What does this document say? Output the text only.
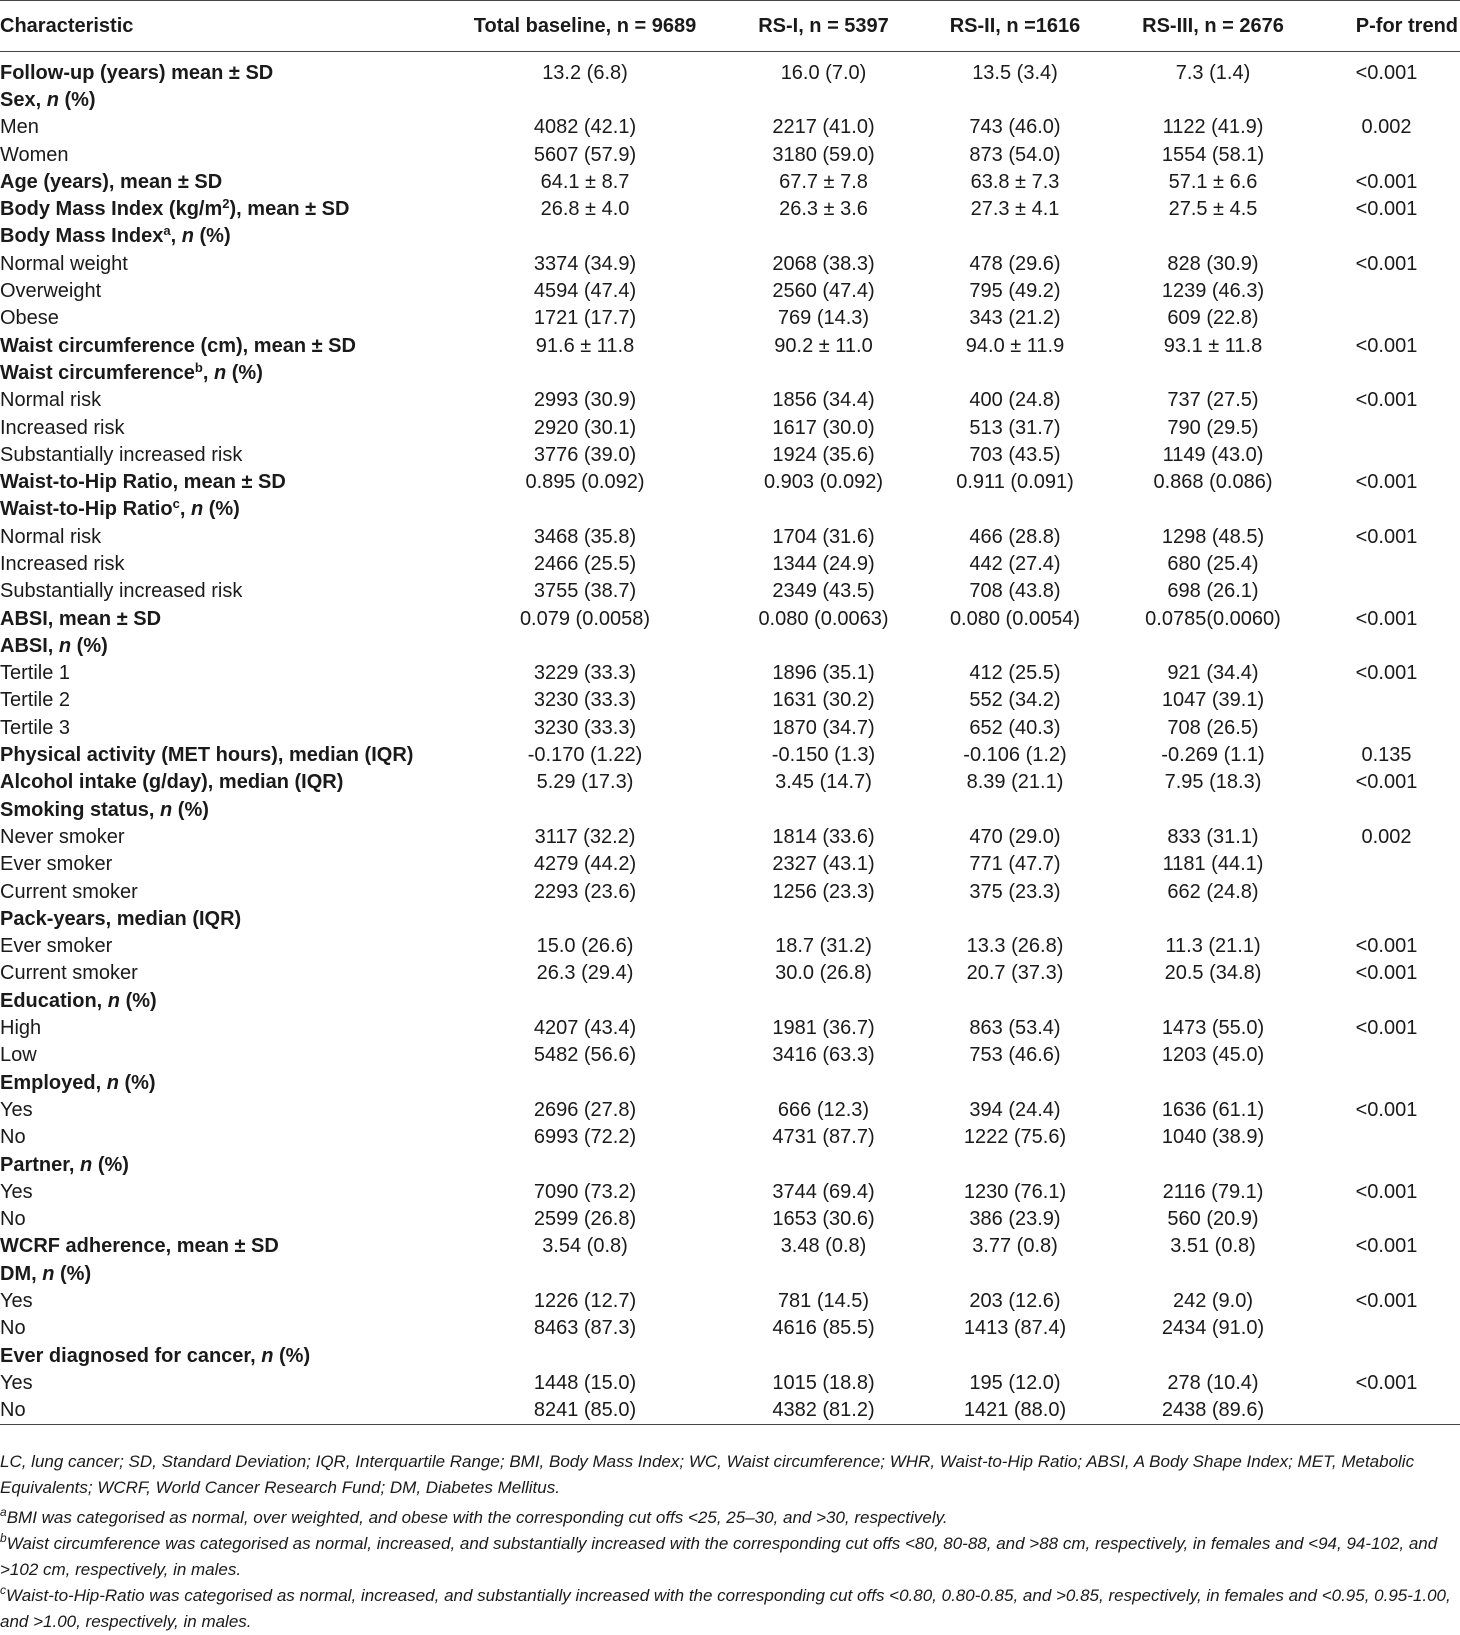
Characteristic	Total baseline, n = 9689	RS-I, n = 5397	RS-II, n =1616	RS-III, n = 2676	P-for trend

Follow-up (years) mean ± SD	13.2 (6.8)	16.0 (7.0)	13.5 (3.4)	7.3 (1.4)	<0.001
Sex, n (%)					
Men	4082 (42.1)	2217 (41.0)	743 (46.0)	1122 (41.9)	0.002
Women	5607 (57.9)	3180 (59.0)	873 (54.0)	1554 (58.1)	
Age (years), mean ± SD	64.1 ± 8.7	67.7 ± 7.8	63.8 ± 7.3	57.1 ± 6.6	<0.001
Body Mass Index $(kg/m^2)$, mean ± SD	26.8 ± 4.0	26.3 ± 3.6	27.3 ± 4.1	27.5 ± 4.5	<0.001
Body Mass Index$^a$, n (%)					
Normal weight	3374 (34.9)	2068 (38.3)	478 (29.6)	828 (30.9)	<0.001
Overweight	4594 (47.4)	2560 (47.4)	795 (49.2)	1239 (46.3)	
Obese	1721 (17.7)	769 (14.3)	343 (21.2)	609 (22.8)	
Waist circumference (cm), mean ± SD	91.6 ± 11.8	90.2 ± 11.0	94.0 ± 11.9	93.1 ± 11.8	<0.001
Waist circumference$^b$, n (%)					
Normal risk	2993 (30.9)	1856 (34.4)	400 (24.8)	737 (27.5)	<0.001
Increased risk	2920 (30.1)	1617 (30.0)	513 (31.7)	790 (29.5)	
Substantially increased risk	3776 (39.0)	1924 (35.6)	703 (43.5)	1149 (43.0)	
Waist-to-Hip Ratio, mean ± SD	0.895 (0.092)	0.903 (0.092)	0.911 (0.091)	0.868 (0.086)	<0.001
Waist-to-Hip Ratio$^c$, n (%)					
Normal risk	3468 (35.8)	1704 (31.6)	466 (28.8)	1298 (48.5)	<0.001
Increased risk	2466 (25.5)	1344 (24.9)	442 (27.4)	680 (25.4)	
Substantially increased risk	3755 (38.7)	2349 (43.5)	708 (43.8)	698 (26.1)	
ABSI, mean ± SD	0.079 (0.0058)	0.080 (0.0063)	0.080 (0.0054)	0.0785(0.0060)	<0.001
ABSI, n (%)					
Tertile 1	3229 (33.3)	1896 (35.1)	412 (25.5)	921 (34.4)	<0.001
Tertile 2	3230 (33.3)	1631 (30.2)	552 (34.2)	1047 (39.1)	
Tertile 3	3230 (33.3)	1870 (34.7)	652 (40.3)	708 (26.5)	
Physical activity (MET hours), median (IQR)	-0.170 (1.22)	-0.150 (1.3)	-0.106 (1.2)	-0.269 (1.1)	0.135
Alcohol intake (g/day), median (IQR)	5.29 (17.3)	3.45 (14.7)	8.39 (21.1)	7.95 (18.3)	<0.001
Smoking status, n (%)					
Never smoker	3117 (32.2)	1814 (33.6)	470 (29.0)	833 (31.1)	0.002
Ever smoker	4279 (44.2)	2327 (43.1)	771 (47.7)	1181 (44.1)	
Current smoker	2293 (23.6)	1256 (23.3)	375 (23.3)	662 (24.8)	
Pack-years, median (IQR)					
Ever smoker	15.0 (26.6)	18.7 (31.2)	13.3 (26.8)	11.3 (21.1)	<0.001
Current smoker	26.3 (29.4)	30.0 (26.8)	20.7 (37.3)	20.5 (34.8)	<0.001
Education, n (%)					
High	4207 (43.4)	1981 (36.7)	863 (53.4)	1473 (55.0)	<0.001
Low	5482 (56.6)	3416 (63.3)	753 (46.6)	1203 (45.0)	
Employed, n (%)					
Yes	2696 (27.8)	666 (12.3)	394 (24.4)	1636 (61.1)	<0.001
No	6993 (72.2)	4731 (87.7)	1222 (75.6)	1040 (38.9)	
Partner, n (%)					
Yes	7090 (73.2)	3744 (69.4)	1230 (76.1)	2116 (79.1)	<0.001
No	2599 (26.8)	1653 (30.6)	386 (23.9)	560 (20.9)	
WCRF adherence, mean ± SD	3.54 (0.8)	3.48 (0.8)	3.77 (0.8)	3.51 (0.8)	<0.001
DM, n (%)					
Yes	1226 (12.7)	781 (14.5)	203 (12.6)	242 (9.0)	<0.001
No	8463 (87.3)	4616 (85.5)	1413 (87.4)	2434 (91.0)	
Ever diagnosed for cancer, n (%)					
Yes	1448 (15.0)	1015 (18.8)	195 (12.0)	278 (10.4)	<0.001
No	8241 (85.0)	4382 (81.2)	1421 (88.0)	2438 (89.6)	

LC, lung cancer; SD, Standard Deviation; IQR, Interquartile Range; BMI, Body Mass Index; WC, Waist circumference; WHR, Waist-to-Hip Ratio; ABSI, A Body Shape Index; MET, Metabolic Equivalents; WCRF, World Cancer Research Fund; DM, Diabetes Mellitus.

$^a$BMI was categorised as normal, over weighted, and obese with the corresponding cut offs <25, 25–30, and >30, respectively.

$^b$Waist circumference was categorised as normal, increased, and substantially increased with the corresponding cut offs <80, 80-88, and >88 cm, respectively, in females and <94, 94-102, and >102 cm, respectively, in males.

$^c$Waist-to-Hip-Ratio was categorised as normal, increased, and substantially increased with the corresponding cut offs <0.80, 0.80-0.85, and >0.85, respectively, in females and <0.95, 0.95-1.00, and >1.00, respectively, in males.
